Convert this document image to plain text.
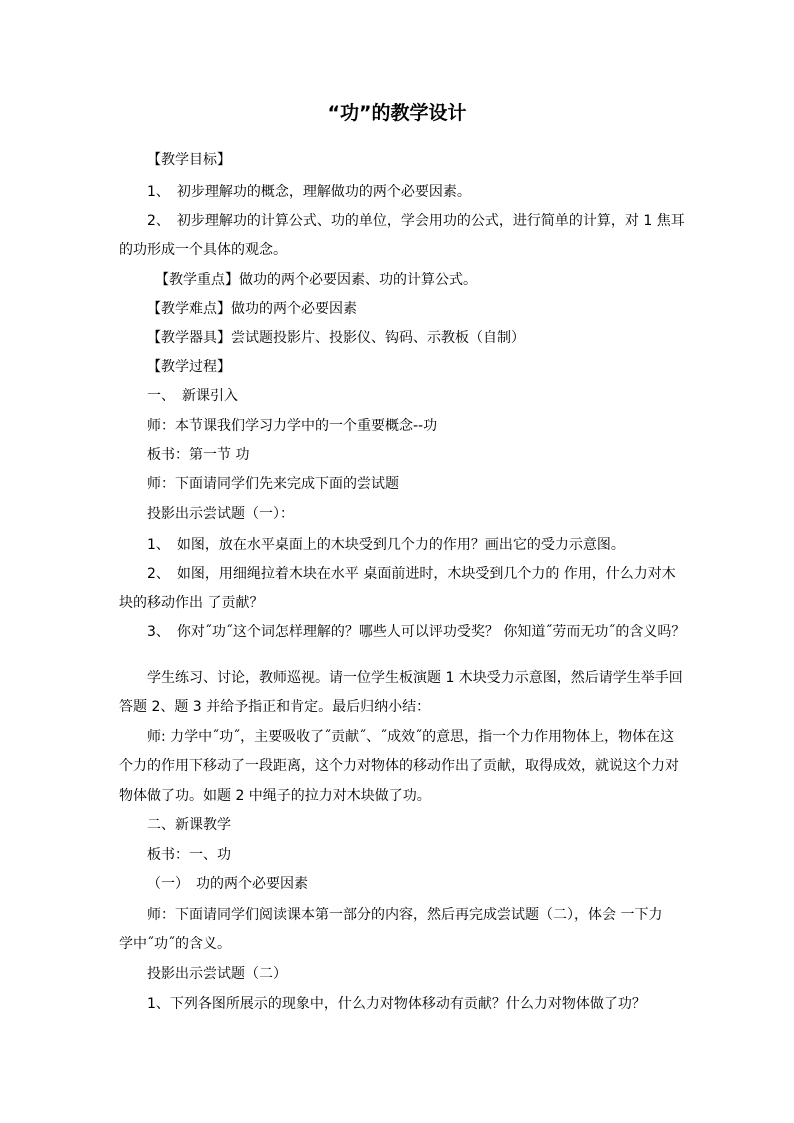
“功”的教学设计
【教学目标】
1、　初步理解功的概念，理解做功的两个必要因素。
2、　初步理解功的计算公式、功的单位，学会用功的公式，进行简单的计算，对 1 焦耳
的功形成一个具体的观念。
【教学重点】做功的两个必要因素、功的计算公式。
【教学难点】做功的两个必要因素
【教学器具】尝试题投影片、投影仪、钩码、示教板（自制）
【教学过程】
一、　新课引入
师：本节课我们学习力学中的一个重要概念--功
板书：第一节 功
师：下面请同学们先来完成下面的尝试题
投影出示尝试题（一）：
1、　如图，放在水平桌面上的木块受到几个力的作用？画出它的受力示意图。
2、　如图，用细绳拉着木块在水平 桌面前进时，木块受到几个力的 作用，什么力对木
块的移动作出 了贡献？
3、　你对˝功˝这个词怎样理解的？哪些人可以评功受奖？ 你知道˝劳而无功˝的含义吗？
学生练习、讨论，教师巡视。请一位学生板演题 1 木块受力示意图，然后请学生举手回
答题 2、题 3 并给予指正和肯定。最后归纳小结：
师: 力学中˝功˝，主要吸收了˝贡献˝、˝成效˝的意思，指一个力作用物体上，物体在这
个力的作用下移动了一段距离，这个力对物体的移动作出了贡献，取得成效，就说这个力对
物体做了功。如题 2 中绳子的拉力对木块做了功。
二、新课教学
板书：一、功
（一）　功的两个必要因素
师：下面请同学们阅读课本第一部分的内容，然后再完成尝试题（二），体会 一下力
学中˝功˝的含义。
投影出示尝试题（二）
1、下列各图所展示的现象中，什么力对物体移动有贡献？什么力对物体做了功？
